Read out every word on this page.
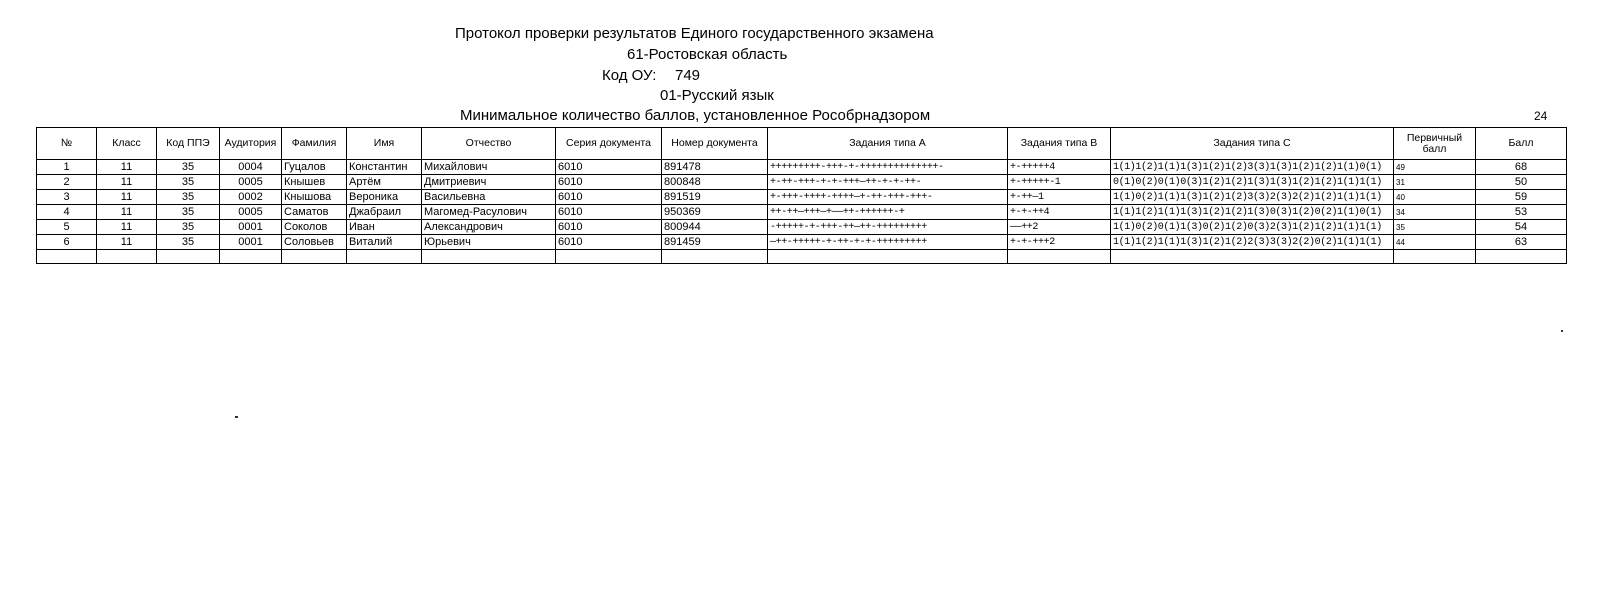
Протокол проверки результатов Единого государственного экзамена
61-Ростовская область
Код ОУ: 749
01-Русский язык
Минимальное количество баллов, установленное Рособрнадзором	24
№	Класс	Код ППЭ	Аудитория	Фамилия	Имя	Отчество	Серия документа	Номер документа	Задания типа A	Задания типа B	Задания типа C	Первичный балл	Балл
1	11	35	0004	Гуцалов	Константин	Михайлович	6010	891478	+++++++++-+++-+-++++++++++++++-	+-+++++4	1(1)1(2)1(1)1(3)1(2)1(2)3(3)1(3)1(2)1(2)1(1)0(1)	49	68
2	11	35	0005	Кнышев	Артём	Дмитриевич	6010	800848	+-++-+++-+-+-+++—++-+-+-++-	+-+++++-1	0(1)0(2)0(1)0(3)1(2)1(2)1(3)1(3)1(2)1(2)1(1)1(1)	31	50
3	11	35	0002	Кнышова	Вероника	Васильевна	6010	891519	+-+++-++++-++++—+-++-+++-+++-	+-++—1	1(1)0(2)1(1)1(3)1(2)1(2)3(3)2(3)2(2)1(2)1(1)1(1)	40	59
4	11	35	0005	Саматов	Джабраил	Магомед-Расулович	6010	950369	++-++—+++—+——++-++++++-+	+-+-++4	1(1)1(2)1(1)1(3)1(2)1(2)1(3)0(3)1(2)0(2)1(1)0(1)	34	53
5	11	35	0001	Соколов	Иван	Александрович	6010	800944	-+++++-+-+++-++—++-+++++++++	——++2	1(1)0(2)0(1)1(3)0(2)1(2)0(3)2(3)1(2)1(2)1(1)1(1)	35	54
6	11	35	0001	Соловьев	Виталий	Юрьевич	6010	891459	—++-+++++-+-++-+-+-+++++++++	+-+-+++2	1(1)1(2)1(1)1(3)1(2)1(2)2(3)3(3)2(2)0(2)1(1)1(1)	44	63
